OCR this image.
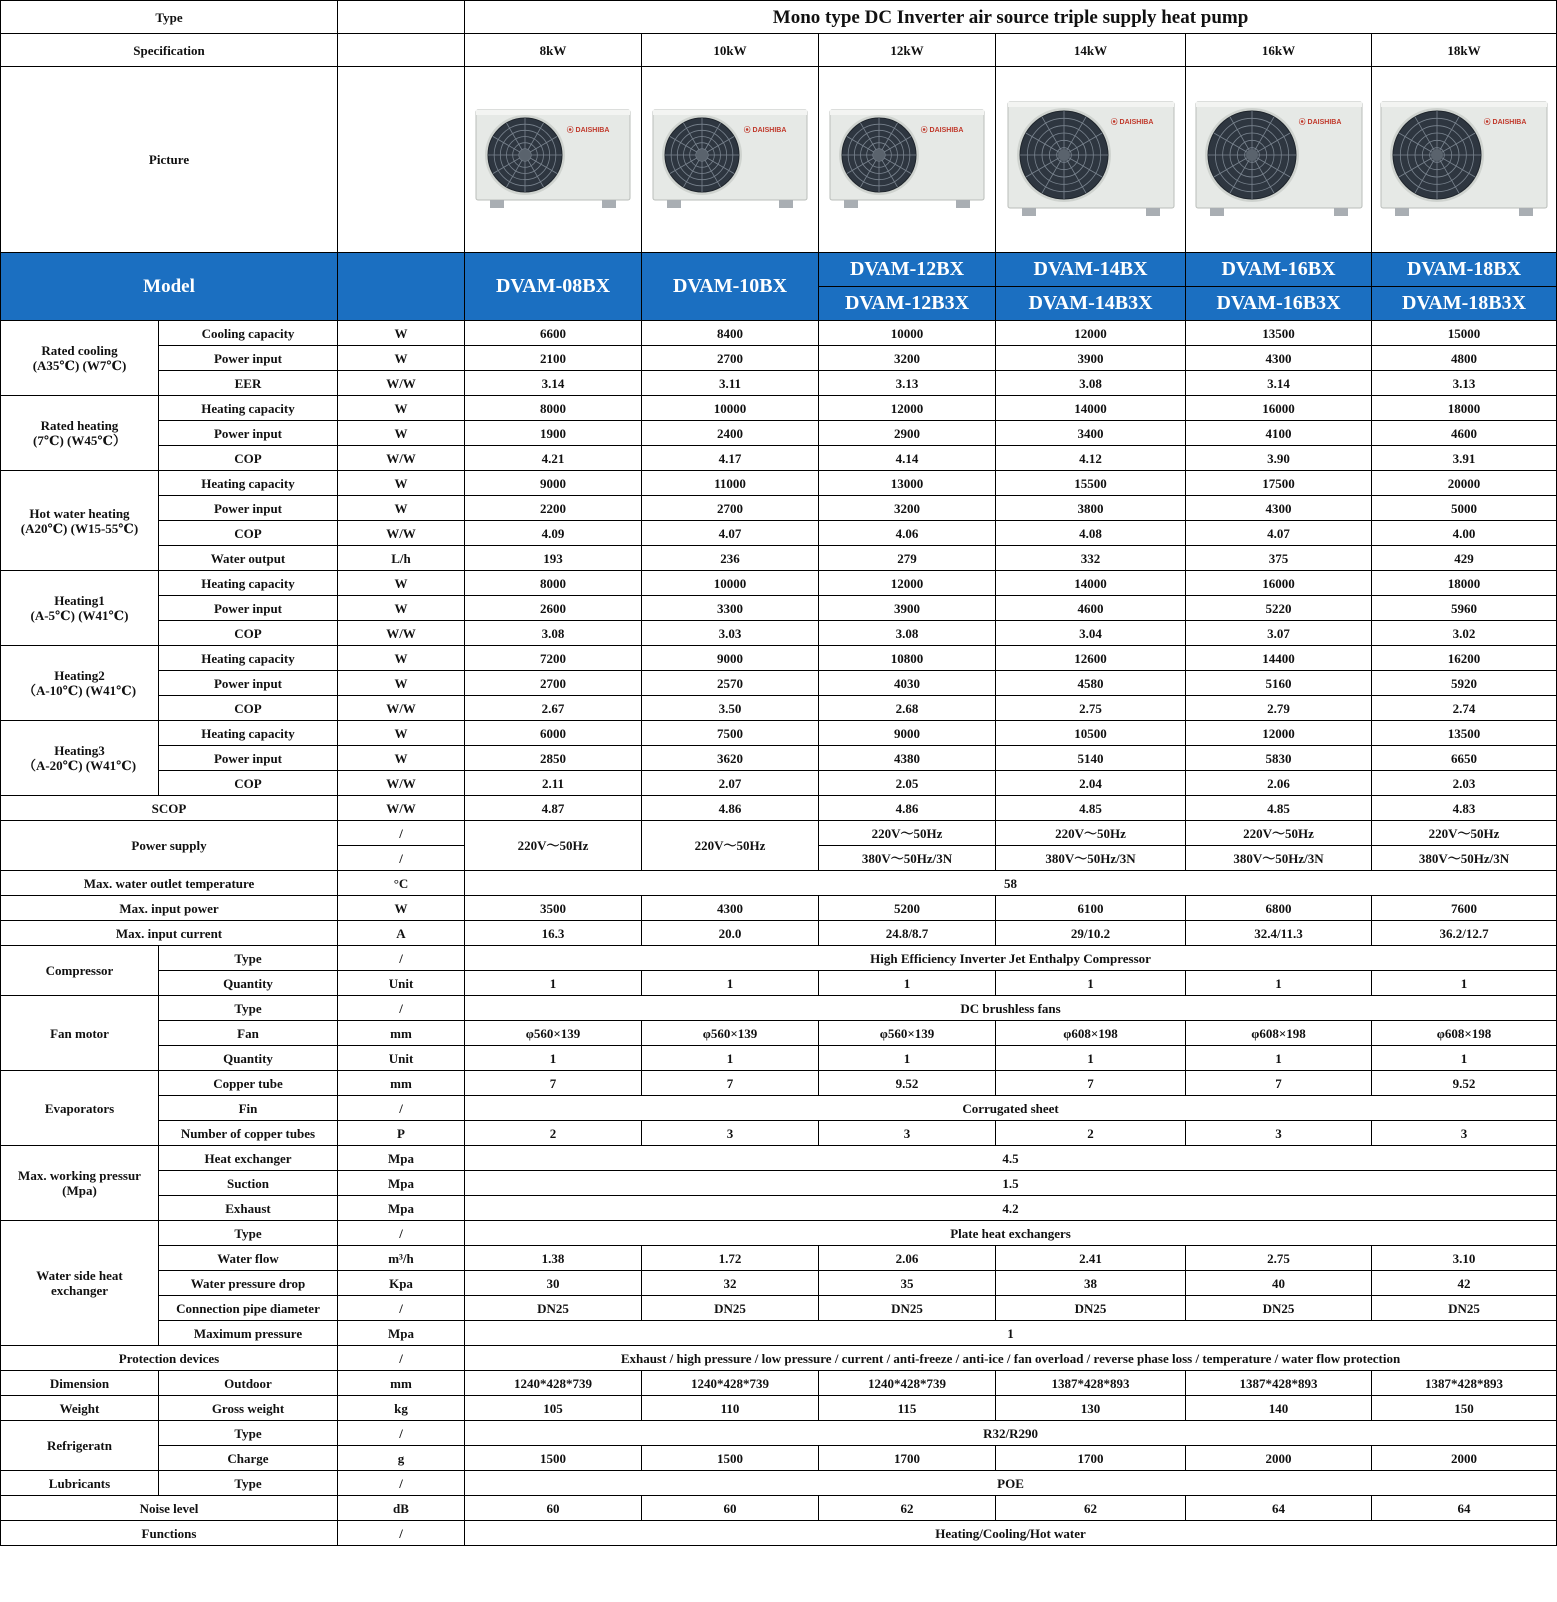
Type			Mono type DC Inverter air source triple supply heat pump					
Specification			8kW	10kW	12kW	14kW	16kW	18kW
Picture			⦿ DAISHIBA	⦿ DAISHIBA	⦿ DAISHIBA	⦿ DAISHIBA	⦿ DAISHIBA	⦿ DAISHIBA

Model			DVAM-08BX	DVAM-10BX	DVAM-12BX	DVAM-14BX	DVAM-16BX	DVAM-18BX
					DVAM-12B3X	DVAM-14B3X	DVAM-16B3X	DVAM-18B3X
Rated cooling
(A35℃) (W7℃)	Cooling capacity	W	6600	8400	10000	12000	13500	15000
	Power input	W	2100	2700	3200	3900	4300	4800
	EER	W/W	3.14	3.11	3.13	3.08	3.14	3.13
Rated heating
(7℃) (W45℃）	Heating capacity	W	8000	10000	12000	14000	16000	18000
	Power input	W	1900	2400	2900	3400	4100	4600
	COP	W/W	4.21	4.17	4.14	4.12	3.90	3.91
Hot water heating
(A20℃) (W15-55℃)	Heating capacity	W	9000	11000	13000	15500	17500	20000
	Power input	W	2200	2700	3200	3800	4300	5000
	COP	W/W	4.09	4.07	4.06	4.08	4.07	4.00
	Water output	L/h	193	236	279	332	375	429
Heating1
(A-5℃) (W41℃)	Heating capacity	W	8000	10000	12000	14000	16000	18000
	Power input	W	2600	3300	3900	4600	5220	5960
	COP	W/W	3.08	3.03	3.08	3.04	3.07	3.02
Heating2
（A-10℃) (W41℃)	Heating capacity	W	7200	9000	10800	12600	14400	16200
	Power input	W	2700	2570	4030	4580	5160	5920
	COP	W/W	2.67	3.50	2.68	2.75	2.79	2.74
Heating3
（A-20℃) (W41℃)	Heating capacity	W	6000	7500	9000	10500	12000	13500
	Power input	W	2850	3620	4380	5140	5830	6650
	COP	W/W	2.11	2.07	2.05	2.04	2.06	2.03
SCOP		W/W	4.87	4.86	4.86	4.85	4.85	4.83
Power supply		/	220V～50Hz	220V～50Hz	220V～50Hz	220V～50Hz	220V～50Hz	220V～50Hz
		/			380V～50Hz/3N	380V～50Hz/3N	380V～50Hz/3N	380V～50Hz/3N
Max. water outlet temperature		°C	58					
Max. input power		W	3500	4300	5200	6100	6800	7600
Max. input current		A	16.3	20.0	24.8/8.7	29/10.2	32.4/11.3	36.2/12.7
Compressor	Type	/	High Efficiency Inverter Jet Enthalpy Compressor					
	Quantity	Unit	1	1	1	1	1	1
Fan motor	Type	/	DC brushless fans					
	Fan	mm	φ560×139	φ560×139	φ560×139	φ608×198	φ608×198	φ608×198
	Quantity	Unit	1	1	1	1	1	1
Evaporators	Copper tube	mm	7	7	9.52	7	7	9.52
	Fin	/	Corrugated sheet					
	Number of copper tubes	P	2	3	3	2	3	3
Max. working pressur
(Mpa)	Heat exchanger	Mpa	4.5					
	Suction	Mpa	1.5					
	Exhaust	Mpa	4.2					
Water side heat
exchanger	Type	/	Plate heat exchangers					
	Water flow	m³/h	1.38	1.72	2.06	2.41	2.75	3.10
	Water pressure drop	Kpa	30	32	35	38	40	42
	Connection pipe diameter	/	DN25	DN25	DN25	DN25	DN25	DN25
	Maximum pressure	Mpa	1					
Protection devices		/	Exhaust / high pressure / low pressure / current / anti-freeze / anti-ice / fan overload / reverse phase loss / temperature / water flow protection					
Dimension	Outdoor	mm	1240*428*739	1240*428*739	1240*428*739	1387*428*893	1387*428*893	1387*428*893
Weight	Gross weight	kg	105	110	115	130	140	150
Refrigeratn	Type	/	R32/R290					
	Charge	g	1500	1500	1700	1700	2000	2000
Lubricants	Type	/	POE					
Noise level		dB	60	60	62	62	64	64
Functions		/	Heating/Cooling/Hot water					
